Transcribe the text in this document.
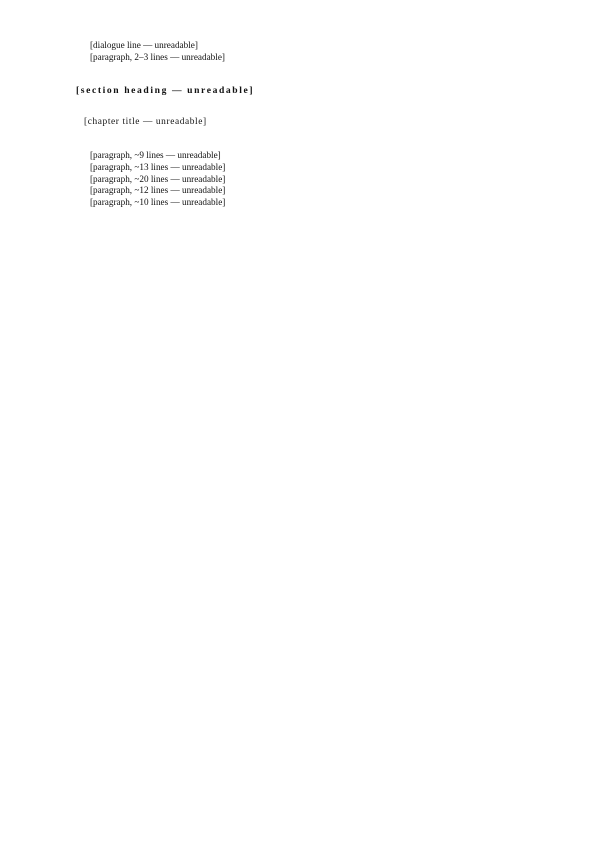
[dialogue line — unreadable]

[paragraph, 2–3 lines — unreadable]

[section heading — unreadable]

[chapter title — unreadable]

[paragraph, ~9 lines — unreadable]

[paragraph, ~13 lines — unreadable]

[paragraph, ~20 lines — unreadable]

[paragraph, ~12 lines — unreadable]

[paragraph, ~10 lines — unreadable]
